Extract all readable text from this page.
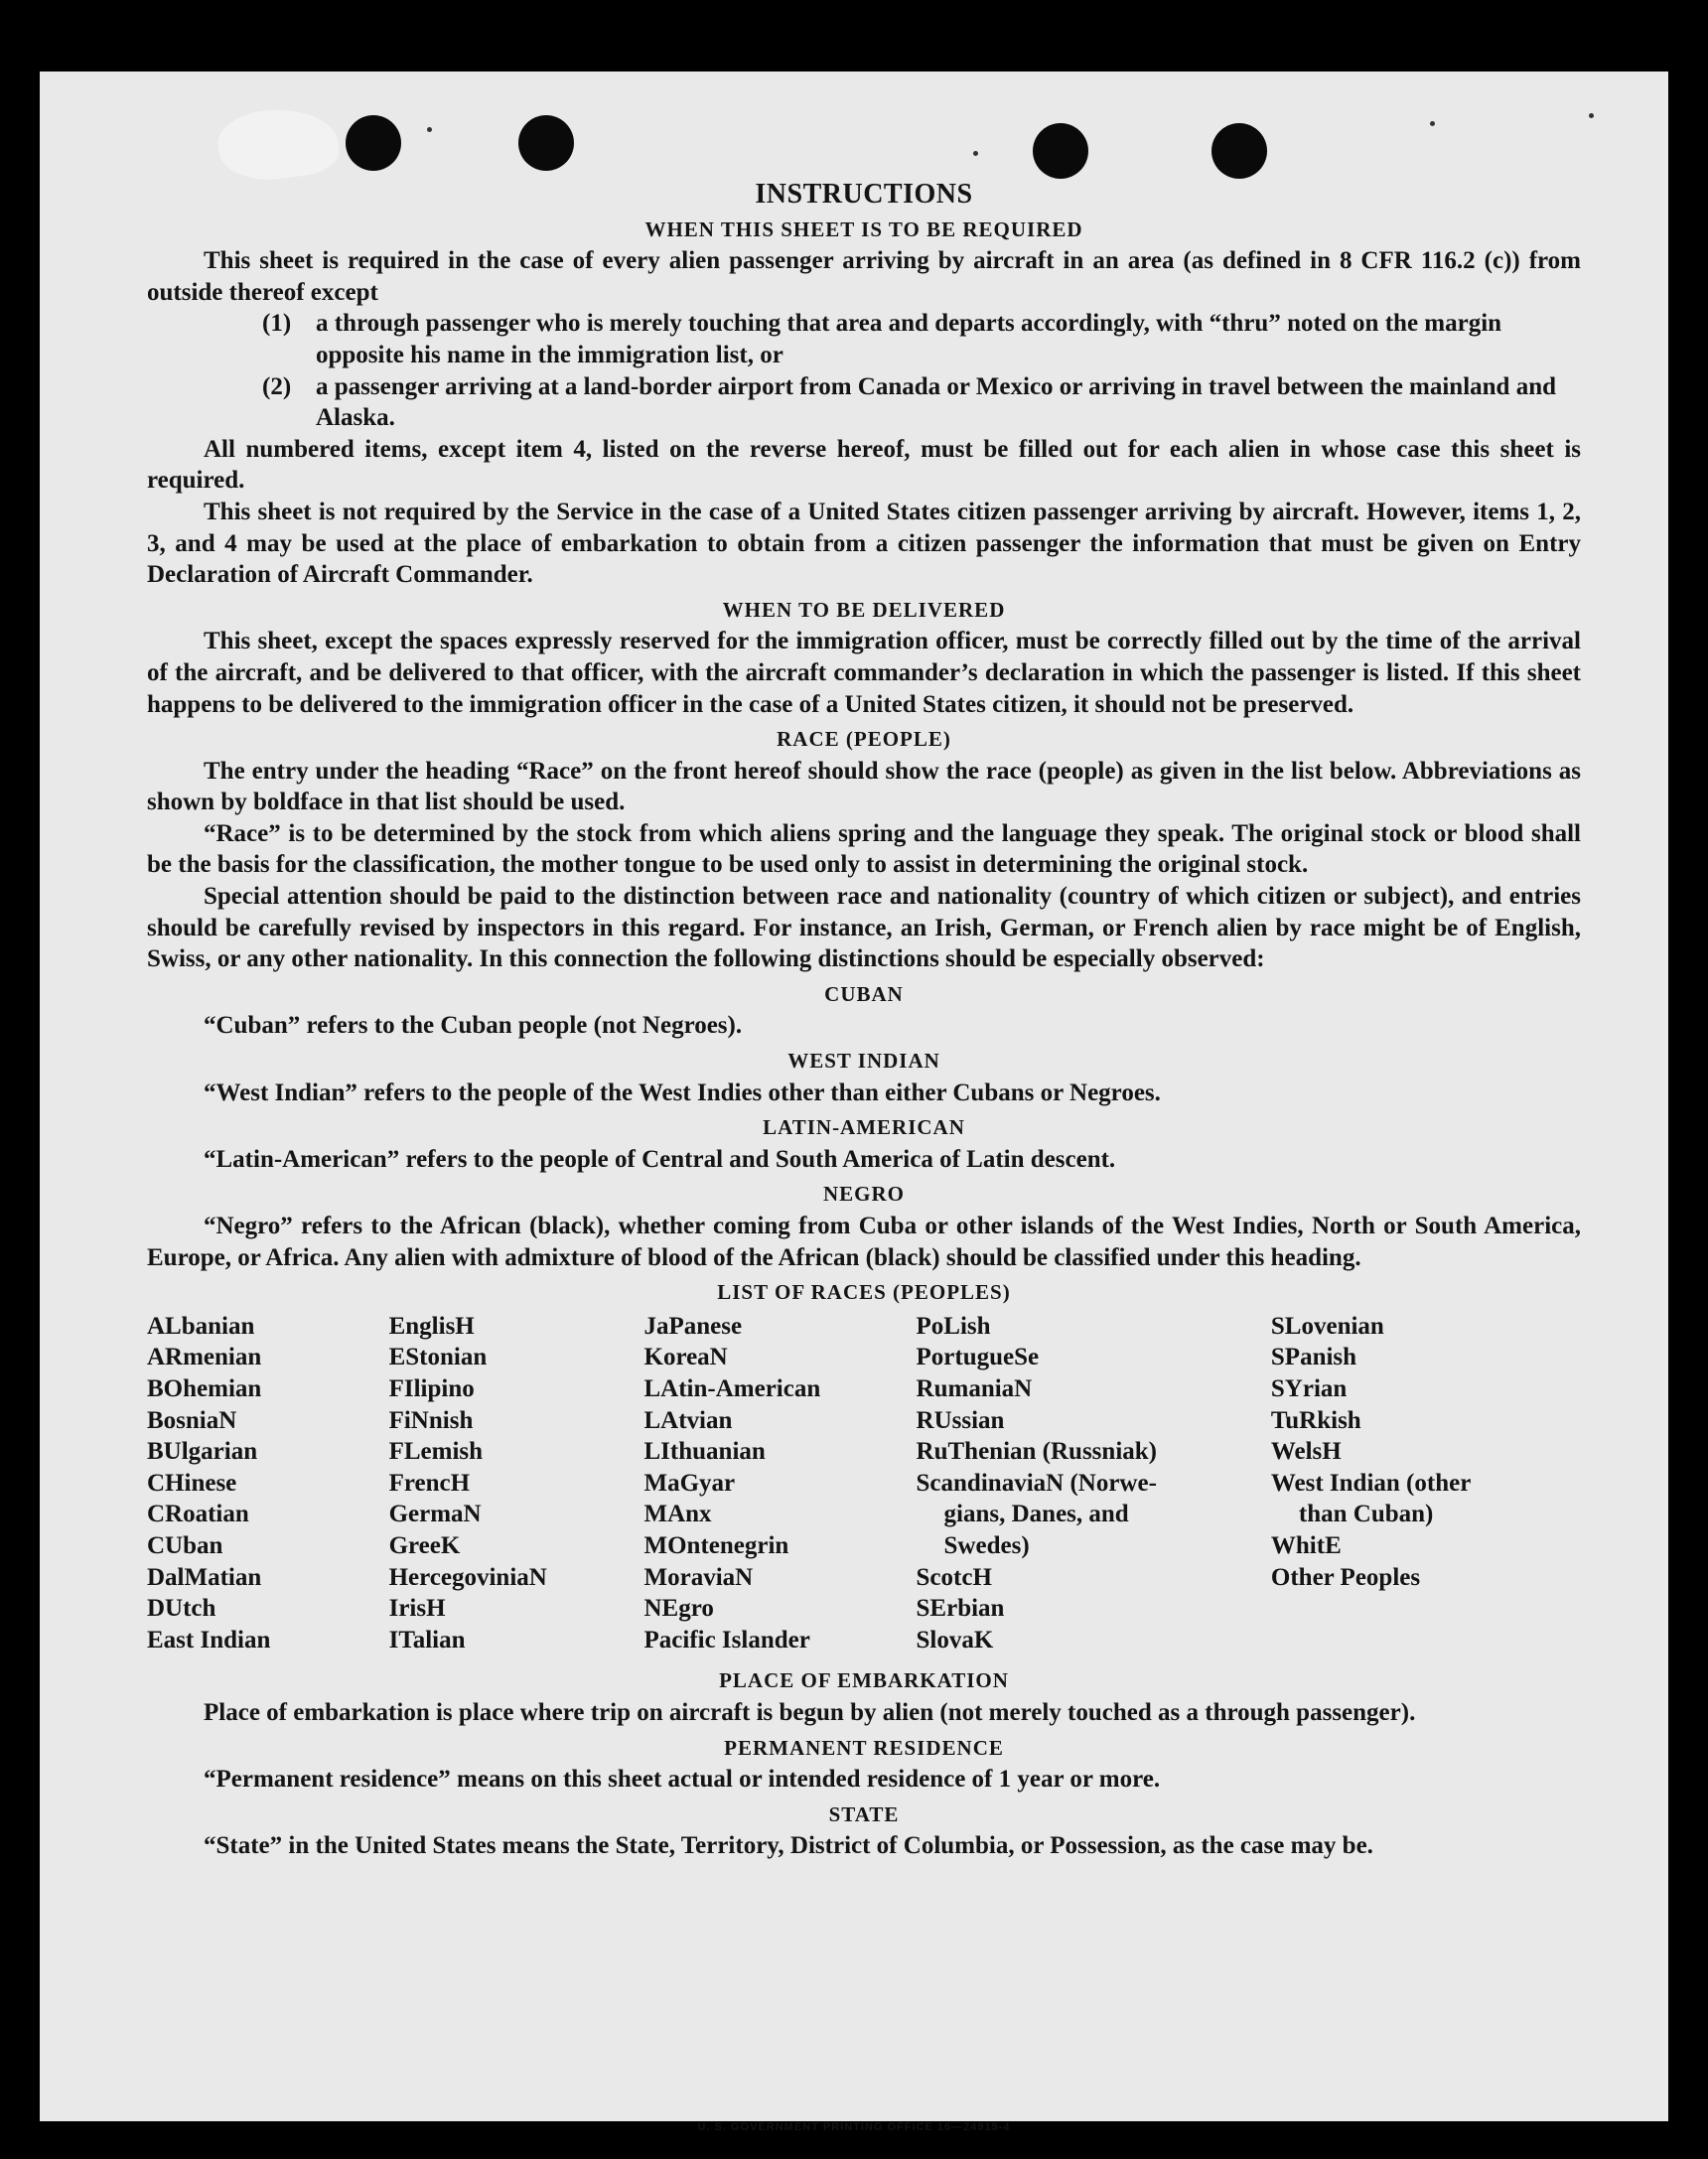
U. S. GOVERNMENT PRINTING OFFICE 16—24915-4
INSTRUCTIONS
WHEN THIS SHEET IS TO BE REQUIRED

This sheet is required in the case of every alien passenger arriving by aircraft in an area (as defined in 8 CFR 116.2 (c)) from outside thereof except

(1) a through passenger who is merely touching that area and departs accordingly, with “thru” noted on the margin opposite his name in the immigration list, or
(2) a passenger arriving at a land-border airport from Canada or Mexico or arriving in travel between the mainland and Alaska.

All numbered items, except item 4, listed on the reverse hereof, must be filled out for each alien in whose case this sheet is required.

This sheet is not required by the Service in the case of a United States citizen passenger arriving by aircraft. However, items 1, 2, 3, and 4 may be used at the place of embarkation to obtain from a citizen passenger the information that must be given on Entry Declaration of Aircraft Commander.

WHEN TO BE DELIVERED

This sheet, except the spaces expressly reserved for the immigration officer, must be correctly filled out by the time of the arrival of the aircraft, and be delivered to that officer, with the aircraft commander’s declaration in which the passenger is listed. If this sheet happens to be delivered to the immigration officer in the case of a United States citizen, it should not be preserved.

RACE (PEOPLE)

The entry under the heading “Race” on the front hereof should show the race (people) as given in the list below. Abbreviations as shown by boldface in that list should be used.

“Race” is to be determined by the stock from which aliens spring and the language they speak. The original stock or blood shall be the basis for the classification, the mother tongue to be used only to assist in determining the original stock.

Special attention should be paid to the distinction between race and nationality (country of which citizen or subject), and entries should be carefully revised by inspectors in this regard. For instance, an Irish, German, or French alien by race might be of English, Swiss, or any other nationality. In this connection the following distinctions should be especially observed:

CUBAN

“Cuban” refers to the Cuban people (not Negroes).

WEST INDIAN

“West Indian” refers to the people of the West Indies other than either Cubans or Negroes.

LATIN-AMERICAN

“Latin-American” refers to the people of Central and South America of Latin descent.

NEGRO

“Negro” refers to the African (black), whether coming from Cuba or other islands of the West Indies, North or South America, Europe, or Africa. Any alien with admixture of blood of the African (black) should be classified under this heading.

LIST OF RACES (PEOPLES)
ALbanian
ARmenian
BOhemian
BosniaN
BUlgarian
CHinese
CRoatian
CUban
DalMatian
DUtch
East Indian
EnglisH
EStonian
FIlipino
FiNnish
FLemish
FrencH
GermaN
GreeK
HercegoviniaN
IrisH
ITalian
JaPanese
KoreaN
LAtin-American
LAtvian
LIthuanian
MaGyar
MAnx
MOntenegrin
MoraviaN
NEgro
Pacific Islander
PoLish
PortugueSe
RumaniaN
RUssian
RuThenian (Russniak)
ScandinaviaN (Norwe-
gians, Danes, and
Swedes)
ScotcH
SErbian
SlovaK
SLovenian
SPanish
SYrian
TuRkish
WelsH
West Indian (other
than Cuban)
WhitE
Other Peoples
PLACE OF EMBARKATION

Place of embarkation is place where trip on aircraft is begun by alien (not merely touched as a through passenger).

PERMANENT RESIDENCE

“Permanent residence” means on this sheet actual or intended residence of 1 year or more.

STATE

“State” in the United States means the State, Territory, District of Columbia, or Possession, as the case may be.
